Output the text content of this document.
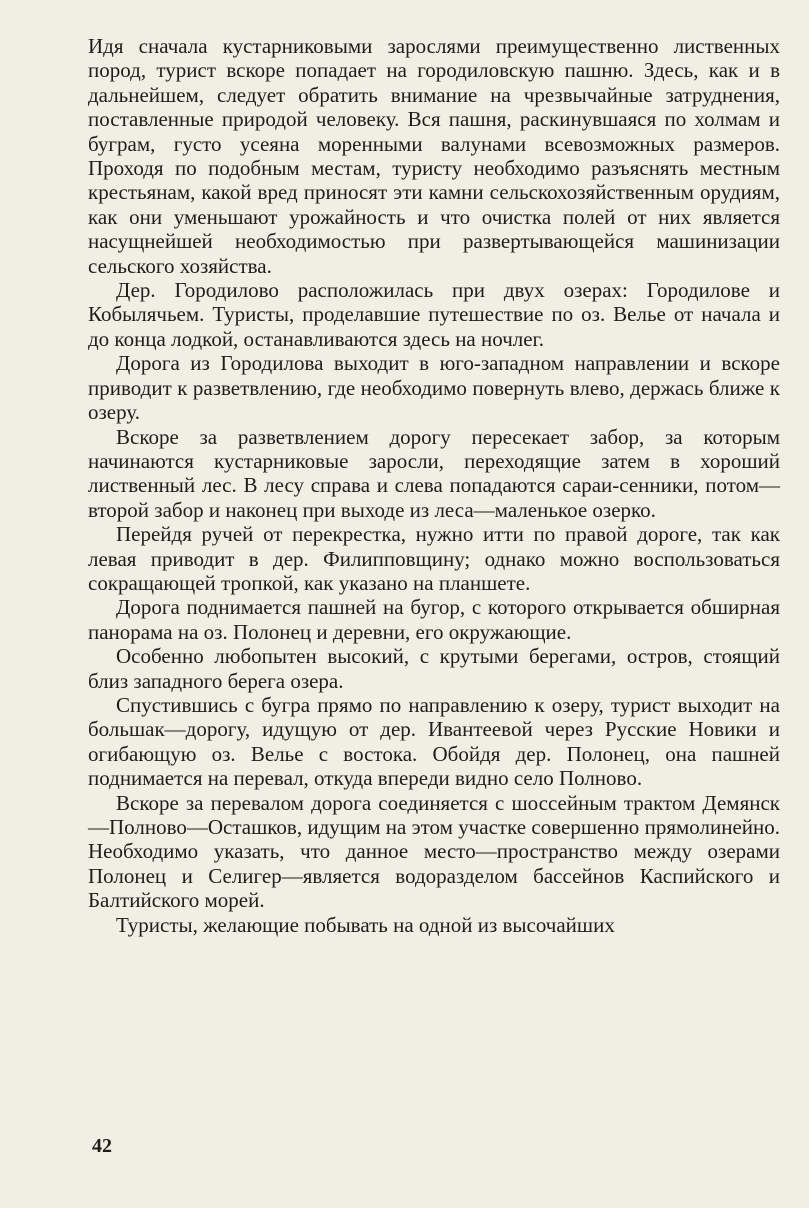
Идя сначала кустарниковыми зарослями преимущественно лиственных пород, турист вскоре попадает на городиловскую пашню. Здесь, как и в дальнейшем, следует обратить внимание на чрезвычайные затруднения, поставленные природой человеку. Вся пашня, раскинувшаяся по холмам и буграм, густо усеяна моренными валунами всевозможных размеров. Проходя по подобным местам, туристу необходимо разъяснять местным крестьянам, какой вред приносят эти камни сельскохозяйственным орудиям, как они уменьшают урожайность и что очистка полей от них является насущнейшей необходимостью при развертывающейся машинизации сельского хозяйства.

Дер. Городилово расположилась при двух озерах: Городилове и Кобылячьем. Туристы, проделавшие путешествие по оз. Велье от начала и до конца лодкой, останавливаются здесь на ночлег.

Дорога из Городилова выходит в юго-западном направлении и вскоре приводит к разветвлению, где необходимо повернуть влево, держась ближе к озеру.

Вскоре за разветвлением дорогу пересекает забор, за которым начинаются кустарниковые заросли, переходящие затем в хороший лиственный лес. В лесу справа и слева попадаются сараи-сенники, потом—второй забор и наконец при выходе из леса—маленькое озерко.

Перейдя ручей от перекрестка, нужно итти по правой дороге, так как левая приводит в дер. Филипповщину; однако можно воспользоваться сокращающей тропкой, как указано на планшете.

Дорога поднимается пашней на бугор, с которого открывается обширная панорама на оз. Полонец и деревни, его окружающие.

Особенно любопытен высокий, с крутыми берегами, остров, стоящий близ западного берега озера.

Спустившись с бугра прямо по направлению к озеру, турист выходит на большак—дорогу, идущую от дер. Ивантеевой через Русские Новики и огибающую оз. Велье с востока. Обойдя дер. Полонец, она пашней поднимается на перевал, откуда впереди видно село Полново.

Вскоре за перевалом дорога соединяется с шоссейным трактом Демянск—Полново—Осташков, идущим на этом участке совершенно прямолинейно. Необходимо указать, что данное место—пространство между озерами Полонец и Селигер—является водоразделом бассейнов Каспийского и Балтийского морей.

Туристы, желающие побывать на одной из высочайших

42
